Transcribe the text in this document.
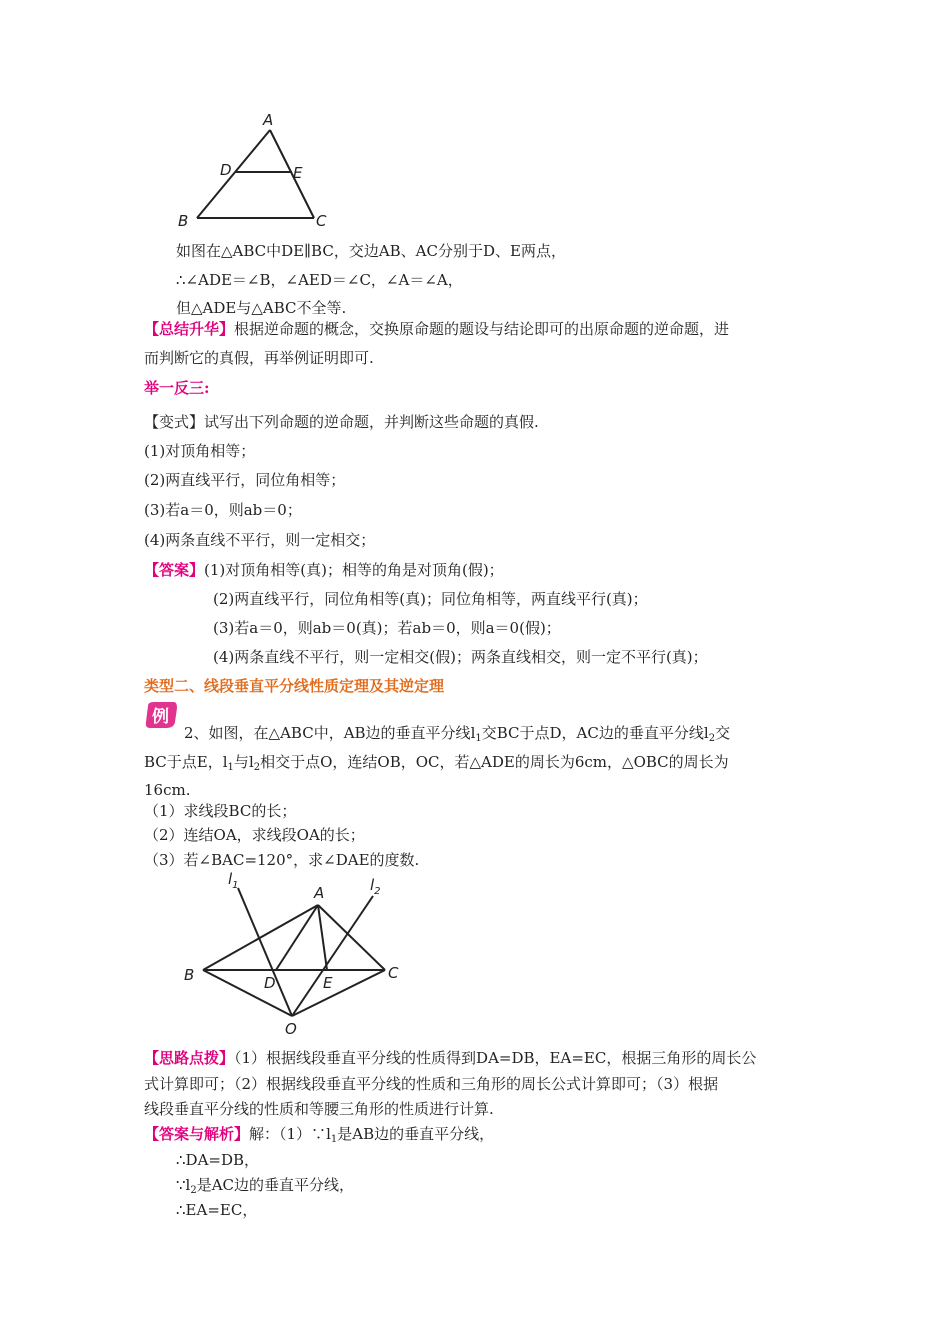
A
D	E
B	C
如图在△ABC中DE∥BC，交边AB、AC分别于D、E两点，
∴∠ADE＝∠B，∠AED＝∠C，∠A＝∠A，
但△ADE与△ABC不全等.
【总结升华】根据逆命题的概念，交换原命题的题设与结论即可的出原命题的逆命题，进
而判断它的真假，再举例证明即可.
举一反三:
【变式】试写出下列命题的逆命题，并判断这些命题的真假.
(1)对顶角相等；
(2)两直线平行，同位角相等；
(3)若a＝0，则ab＝0；
(4)两条直线不平行，则一定相交；
【答案】(1)对顶角相等(真)；相等的角是对顶角(假)；
(2)两直线平行，同位角相等(真)；同位角相等，两直线平行(真)；
(3)若a＝0，则ab＝0(真)；若ab＝0，则a＝0(假)；
(4)两条直线不平行，则一定相交(假)；两条直线相交，则一定不平行(真)；
类型二、线段垂直平分线性质定理及其逆定理
例
2、如图，在△ABC中，AB边的垂直平分线$l_1$交BC于点D，AC边的垂直平分线$l_2$交
BC于点E，$l_1$与$l_2$相交于点O，连结OB，OC，若△ADE的周长为6cm，△OBC的周长为
16cm.
（1）求线段BC的长；
（2）连结OA，求线段OA的长；
（3）若∠BAC=120°，求∠DAE的度数.
$l_1$	$l_2$
A
B	C
D	E
O
【思路点拨】（1）根据线段垂直平分线的性质得到DA=DB，EA=EC，根据三角形的周长公
式计算即可；（2）根据线段垂直平分线的性质和三角形的周长公式计算即可；（3）根据
线段垂直平分线的性质和等腰三角形的性质进行计算.
【答案与解析】解：$(1)\because l_1$是AB边的垂直平分线，
∴DA=DB，
$\because l_2$是AC边的垂直平分线，
∴EA=EC，
